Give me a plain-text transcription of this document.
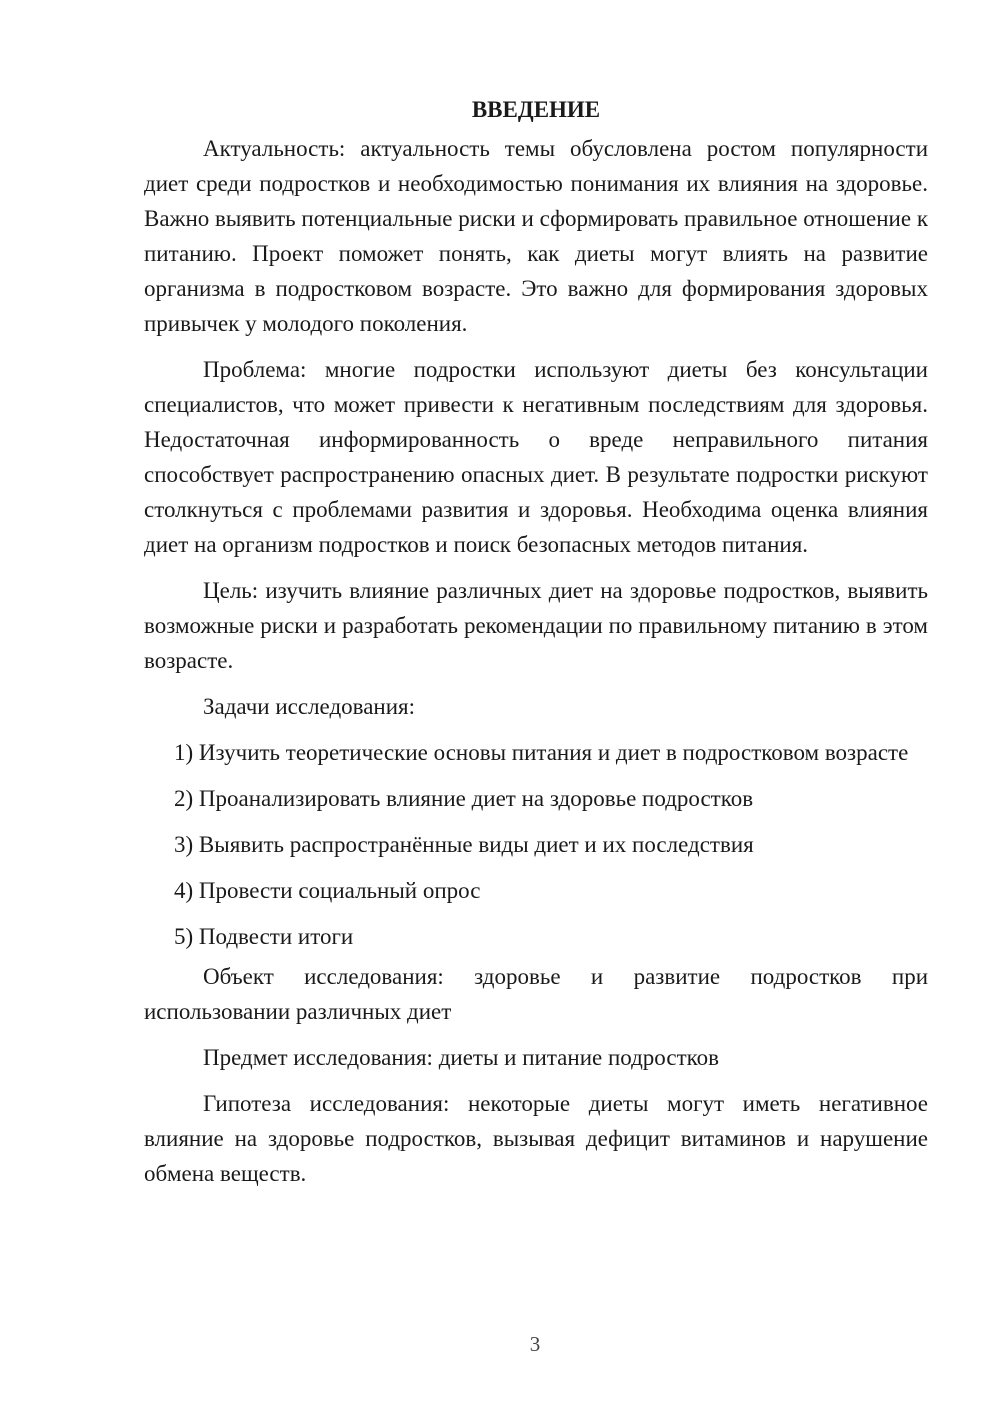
ВВЕДЕНИЕ

Актуальность: актуальность темы обусловлена ростом популярности диет среди подростков и необходимостью понимания их влияния на здоровье. Важно выявить потенциальные риски и сформировать правильное отношение к питанию. Проект поможет понять, как диеты могут влиять на развитие организма в подростковом возрасте. Это важно для формирования здоровых привычек у молодого поколения.

Проблема: многие подростки используют диеты без консультации специалистов, что может привести к негативным последствиям для здоровья. Недостаточная информированность о вреде неправильного питания способствует распространению опасных диет. В результате подростки рискуют столкнуться с проблемами развития и здоровья. Необходима оценка влияния диет на организм подростков и поиск безопасных методов питания.

Цель: изучить влияние различных диет на здоровье подростков, выявить возможные риски и разработать рекомендации по правильному питанию в этом возрасте.

Задачи исследования:

1) Изучить теоретические основы питания и диет в подростковом возрасте

2) Проанализировать влияние диет на здоровье подростков

3) Выявить распространённые виды диет и их последствия

4) Провести социальный опрос

5) Подвести итоги

Объект исследования: здоровье и развитие подростков при использовании различных диет

Предмет исследования: диеты и питание подростков

Гипотеза исследования: некоторые диеты могут иметь негативное влияние на здоровье подростков, вызывая дефицит витаминов и нарушение обмена веществ.

3
